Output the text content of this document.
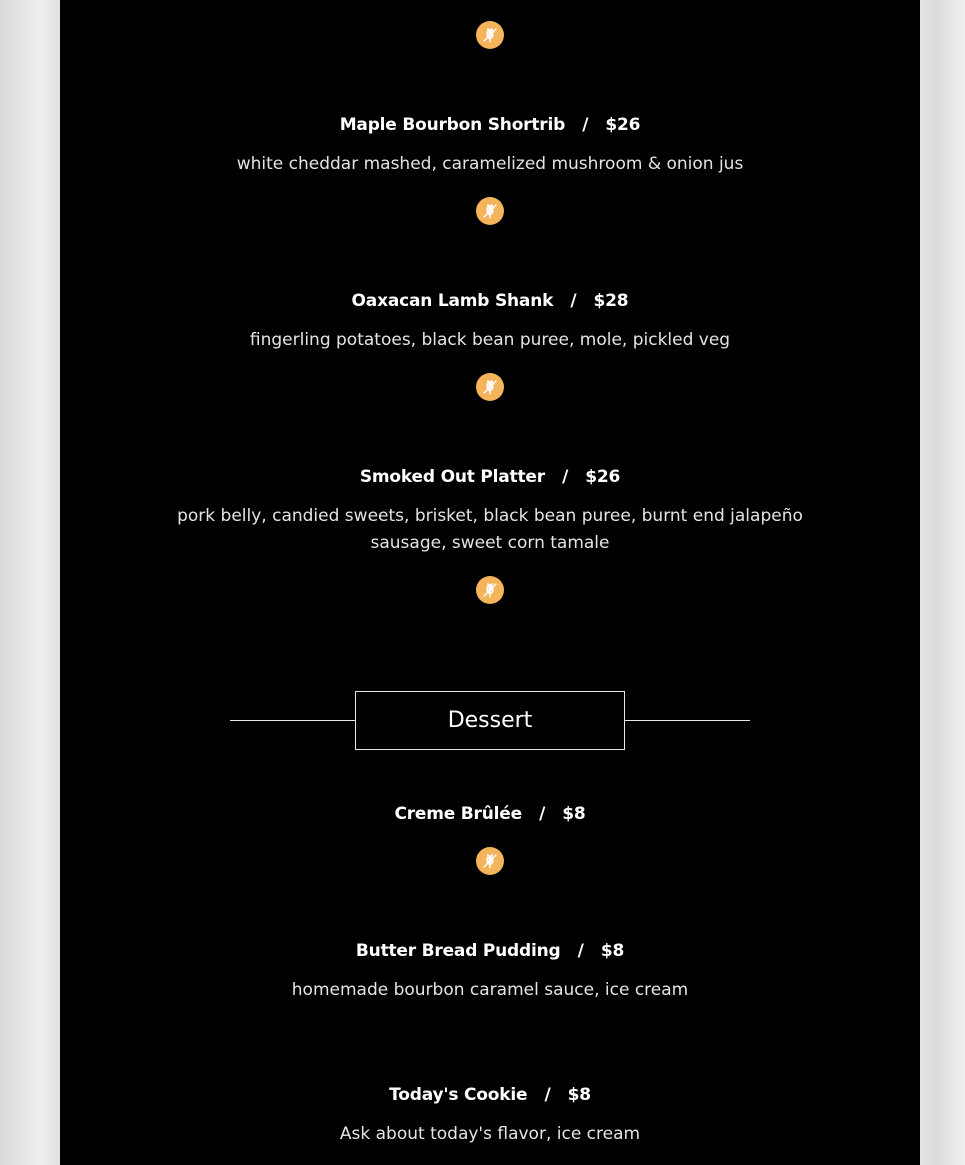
Maple Bourbon Shortrib / $26
white cheddar mashed, caramelized mushroom & onion jus
Oaxacan Lamb Shank / $28
fingerling potatoes, black bean puree, mole, pickled veg
Smoked Out Platter / $26
pork belly, candied sweets, brisket, black bean puree, burnt end jalapeño sausage, sweet corn tamale
Dessert
Creme Brûlée / $8
Butter Bread Pudding / $8
homemade bourbon caramel sauce, ice cream
Today's Cookie / $8
Ask about today's flavor, ice cream
